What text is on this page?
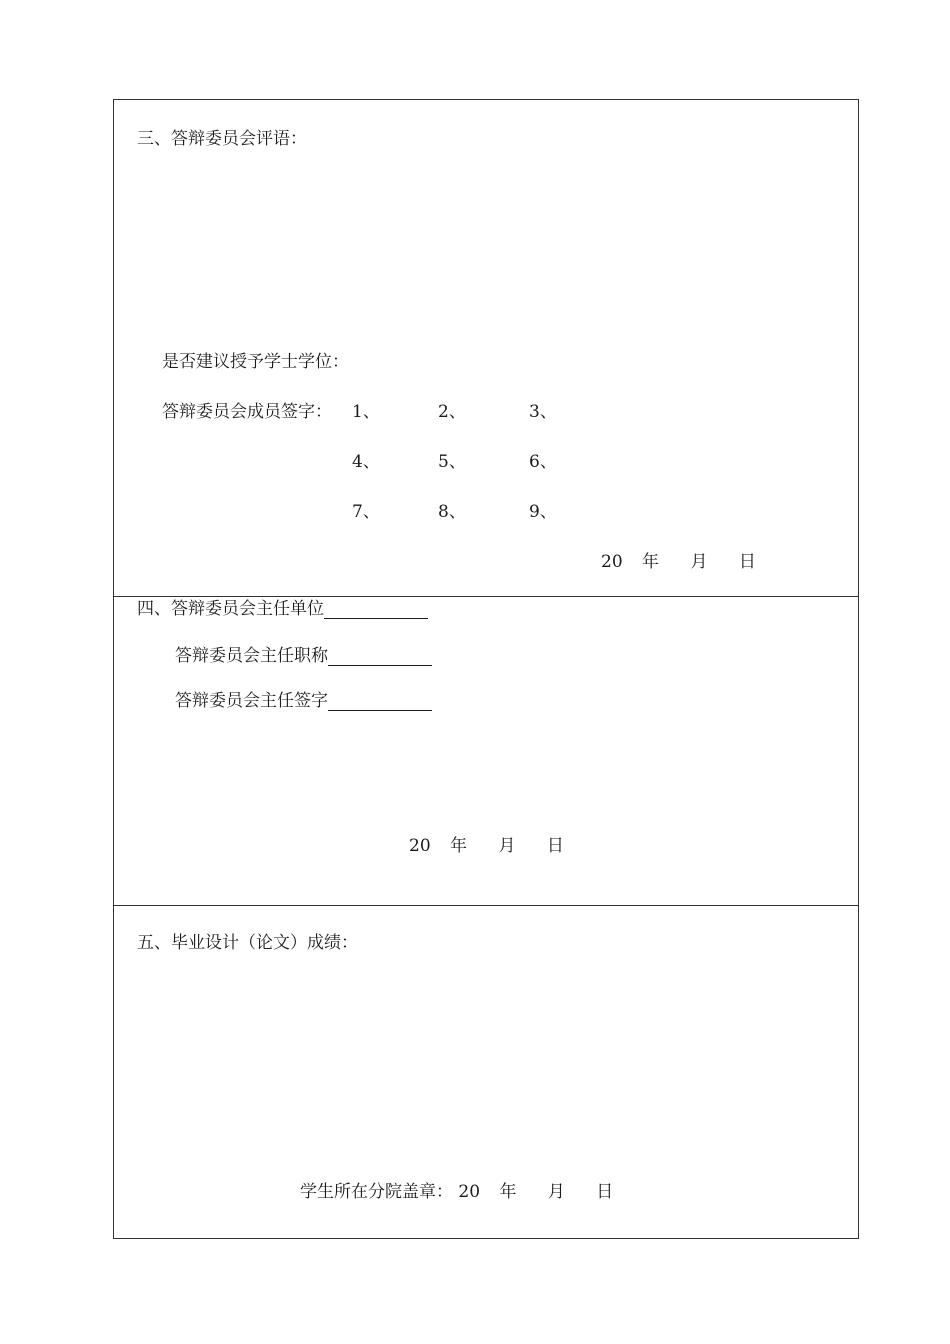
三、答辩委员会评语：
是否建议授予学士学位：
答辩委员会成员签字： 1、	2、	3、
4、	5、	6、
7、	8、	9、
20 年 月 日
四、答辩委员会主任单位
答辩委员会主任职称
答辩委员会主任签字
20 年 月 日
五、毕业设计（论文）成绩：
学生所在分院盖章： 20 年 月 日
